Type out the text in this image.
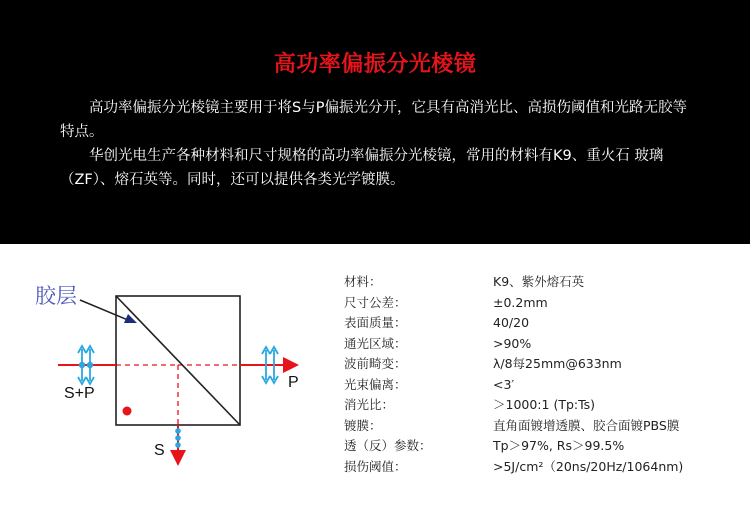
高功率偏振分光棱镜

高功率偏振分光棱镜主要用于将S与P偏振光分开，它具有高消光比、高损伤阈值和光路无胶等特点。

华创光电生产各种材料和尺寸规格的高功率偏振分光棱镜，常用的材料有K9、重火石 玻璃（ZF）、熔石英等。同时，还可以提供各类光学镀膜。

胶层
S+P
P
S
材料：	K9、紫外熔石英
尺寸公差：	±0.2mm
表面质量：	40/20
通光区域：	>90%
波前畸变：	λ/8每25mm@633nm
光束偏离：	<3′
消光比：	＞1000:1 (Tp:Ts)
镀膜：	直角面镀增透膜、胶合面镀PBS膜
透（反）参数：	Tp＞97%, Rs＞99.5%
损伤阈值：	>5J/cm²（20ns/20Hz/1064nm)
